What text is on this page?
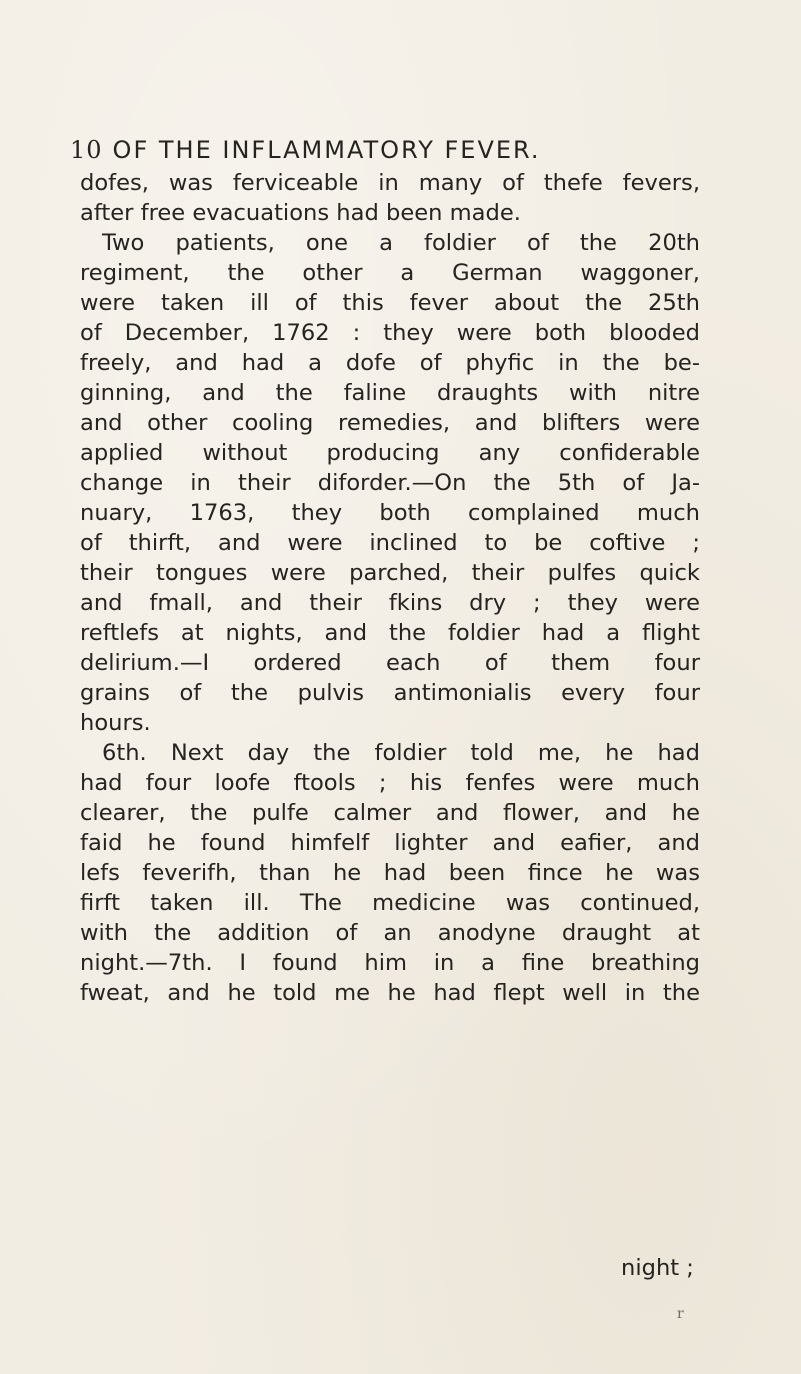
10 OF THE INFLAMMATORY FEVER.
dofes, was ferviceable in many of thefe fevers,
after free evacuations had been made.
Two patients, one a foldier of the 20th
regiment, the other a German waggoner,
were taken ill of this fever about the 25th
of December, 1762 : they were both blooded
freely, and had a dofe of phyfic in the be-
ginning, and the faline draughts with nitre
and other cooling remedies, and blifters were
applied without producing any confiderable
change in their diforder.—On the 5th of Ja-
nuary, 1763, they both complained much
of thirft, and were inclined to be coftive ;
their tongues were parched, their pulfes quick
and fmall, and their fkins dry ; they were
reftlefs at nights, and the foldier had a flight
delirium.—I ordered each of them four
grains of the pulvis antimonialis every four
hours.
6th. Next day the foldier told me, he had
had four loofe ftools ; his fenfes were much
clearer, the pulfe calmer and flower, and he
faid he found himfelf lighter and eafier, and
lefs feverifh, than he had been fince he was
firft taken ill. The medicine was continued,
with the addition of an anodyne draught at
night.—7th. I found him in a fine breathing
fweat, and he told me he had flept well in the
night ;
r
